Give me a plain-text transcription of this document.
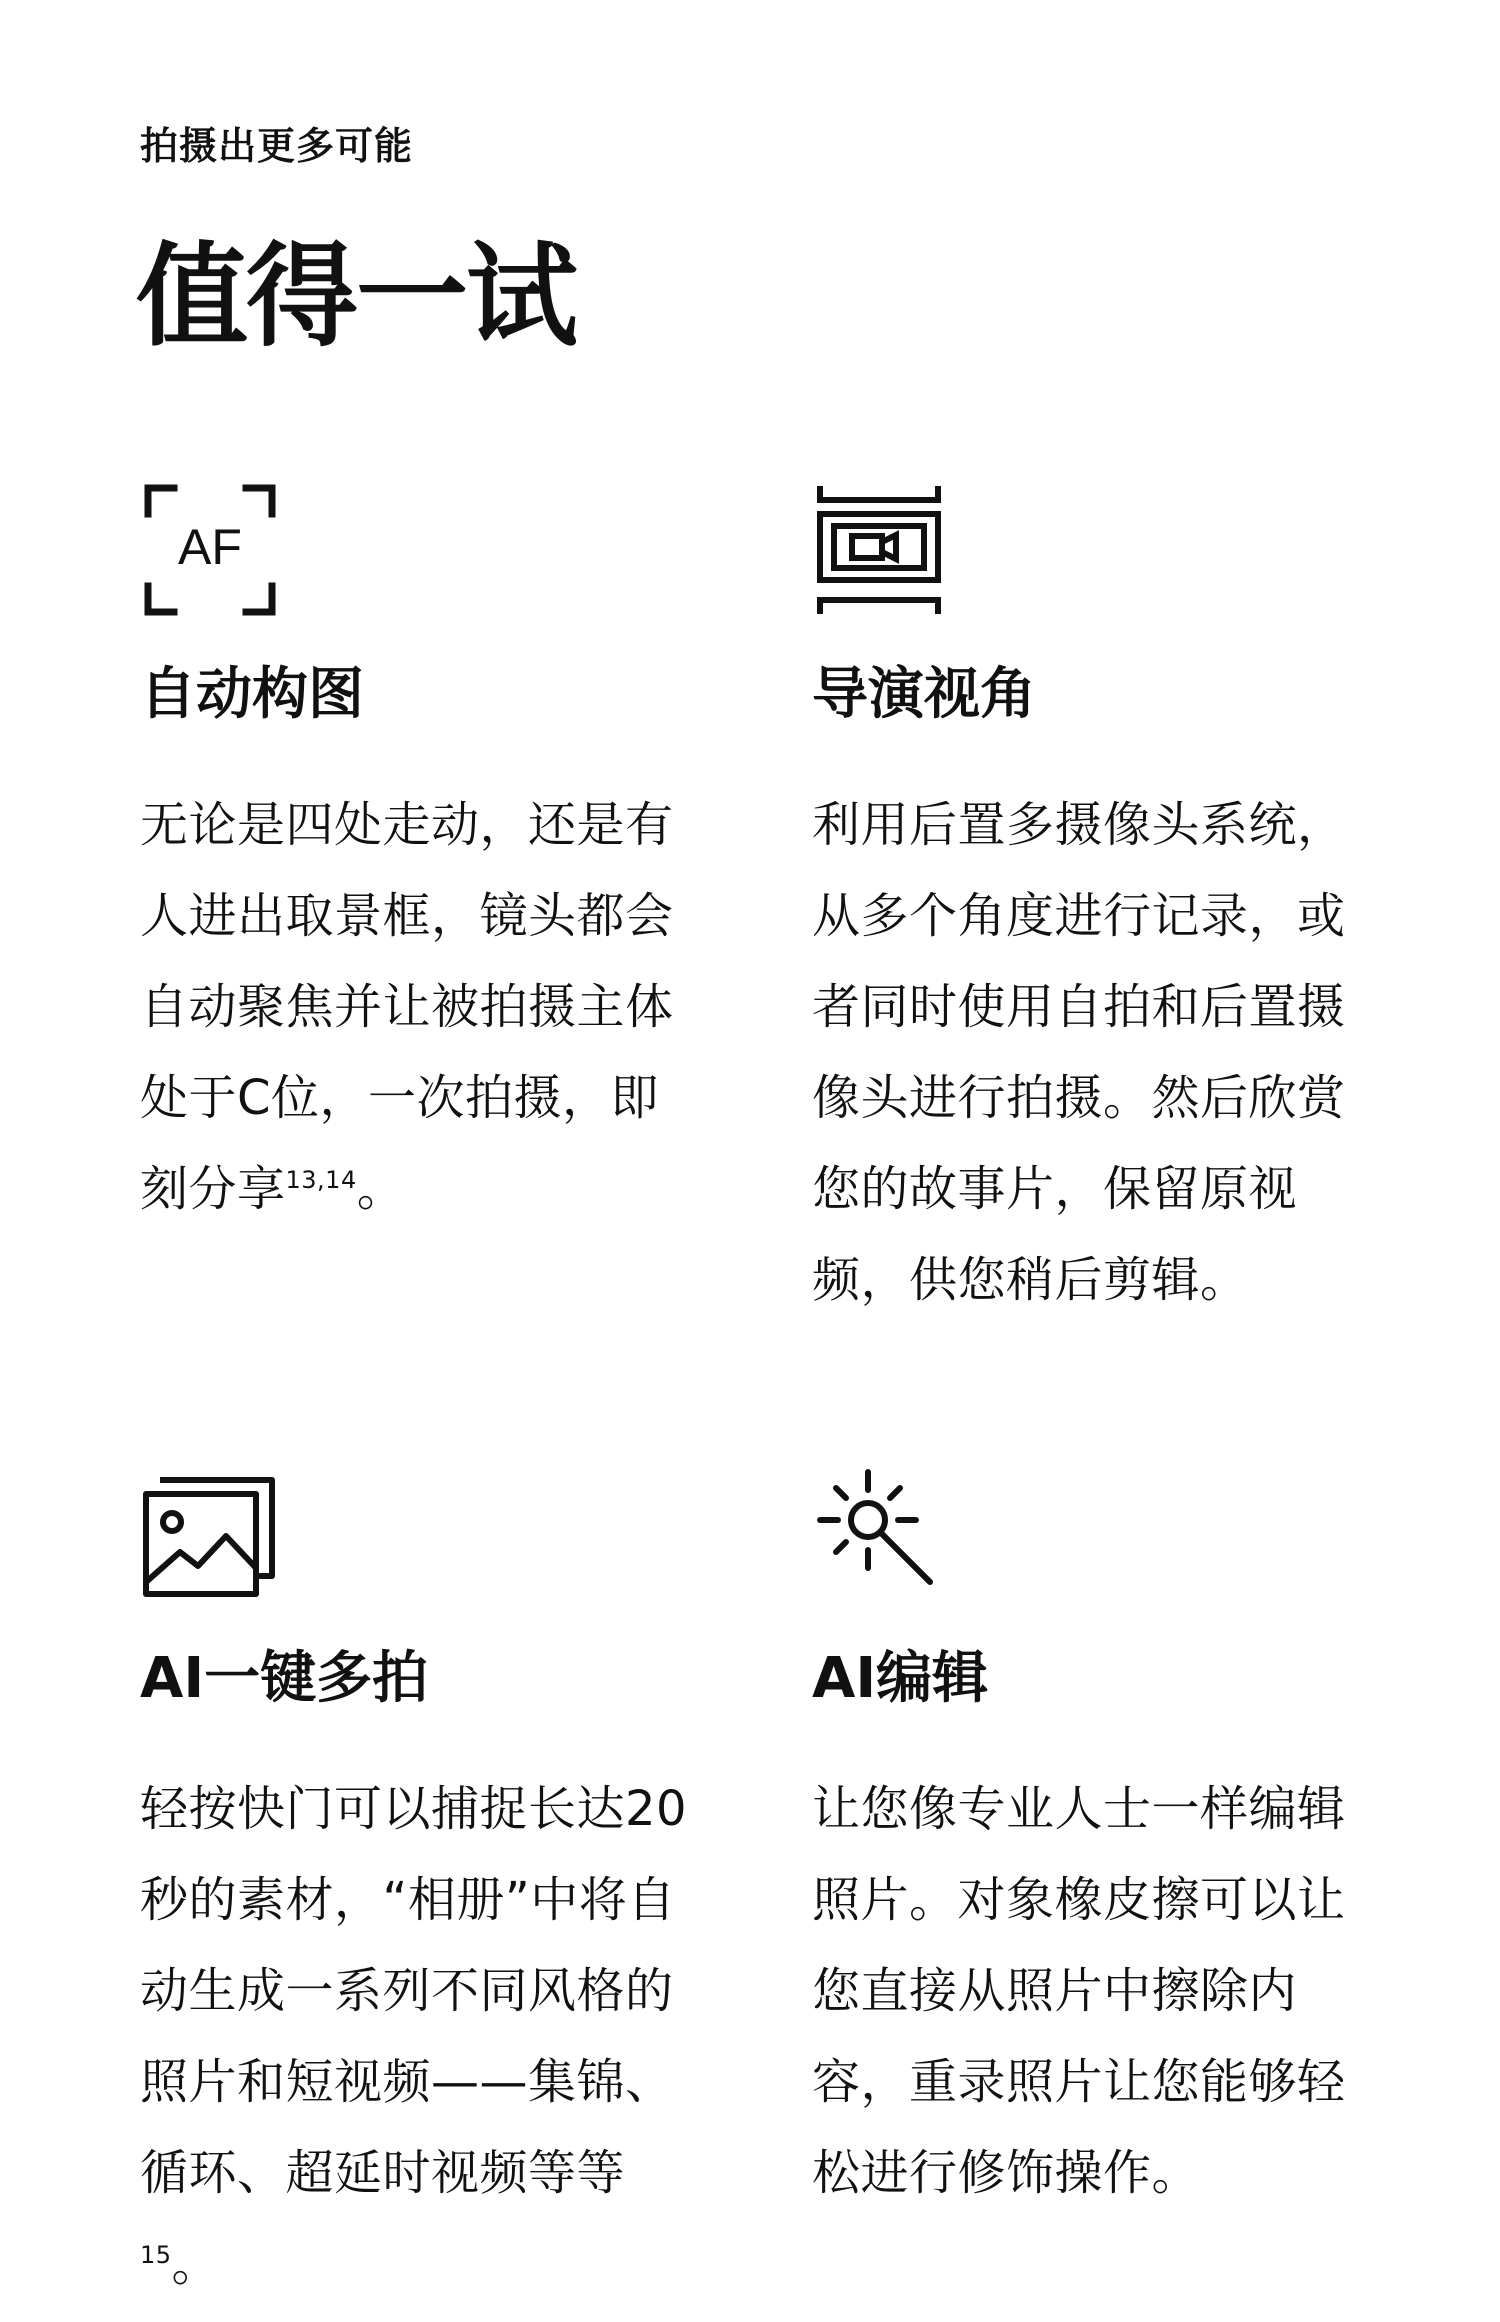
拍摄出更多可能
值得一试
AF
自动构图
无论是四处走动，还是有人进出取景框，镜头都会自动聚焦并让被拍摄主体处于C位，一次拍摄，即刻分享$^{13,14}$。
导演视角
利用后置多摄像头系统，从多个角度进行记录，或者同时使用自拍和后置摄像头进行拍摄。然后欣赏您的故事片，保留原视频，供您稍后剪辑。
AI一键多拍
轻按快门可以捕捉长达20秒的素材，“相册”中将自动生成一系列不同风格的照片和短视频——集锦、循环、超延时视频等等$^{15}$。
AI编辑
让您像专业人士一样编辑照片。对象橡皮擦可以让您直接从照片中擦除内容，重录照片让您能够轻松进行修饰操作。
